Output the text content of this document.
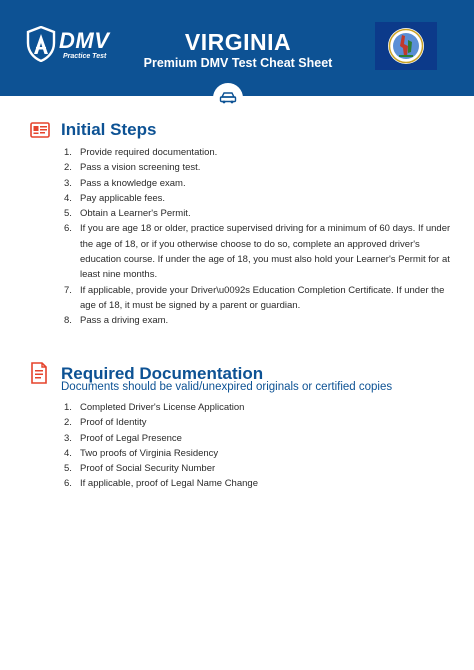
DMV
Practice Test
VIRGINIA
Premium DMV Test Cheat Sheet
Initial Steps
1. Provide required documentation.
2. Pass a vision screening test.
3. Pass a knowledge exam.
4. Pay applicable fees.
5. Obtain a Learner's Permit.
6. If you are age 18 or older, practice supervised driving for a minimum of 60 days. If under the age of 18, or if you otherwise choose to do so, complete an approved driver's education course. If under the age of 18, you must also hold your Learner's Permit for at least nine months.
7. If applicable, provide your Driver\u0092s Education Completion Certificate. If under the age of 18, it must be signed by a parent or guardian.
8. Pass a driving exam.
Required Documentation
Documents should be valid/unexpired originals or certified copies
1. Completed Driver's License Application
2. Proof of Identity
3. Proof of Legal Presence
4. Two proofs of Virginia Residency
5. Proof of Social Security Number
6. If applicable, proof of Legal Name Change
